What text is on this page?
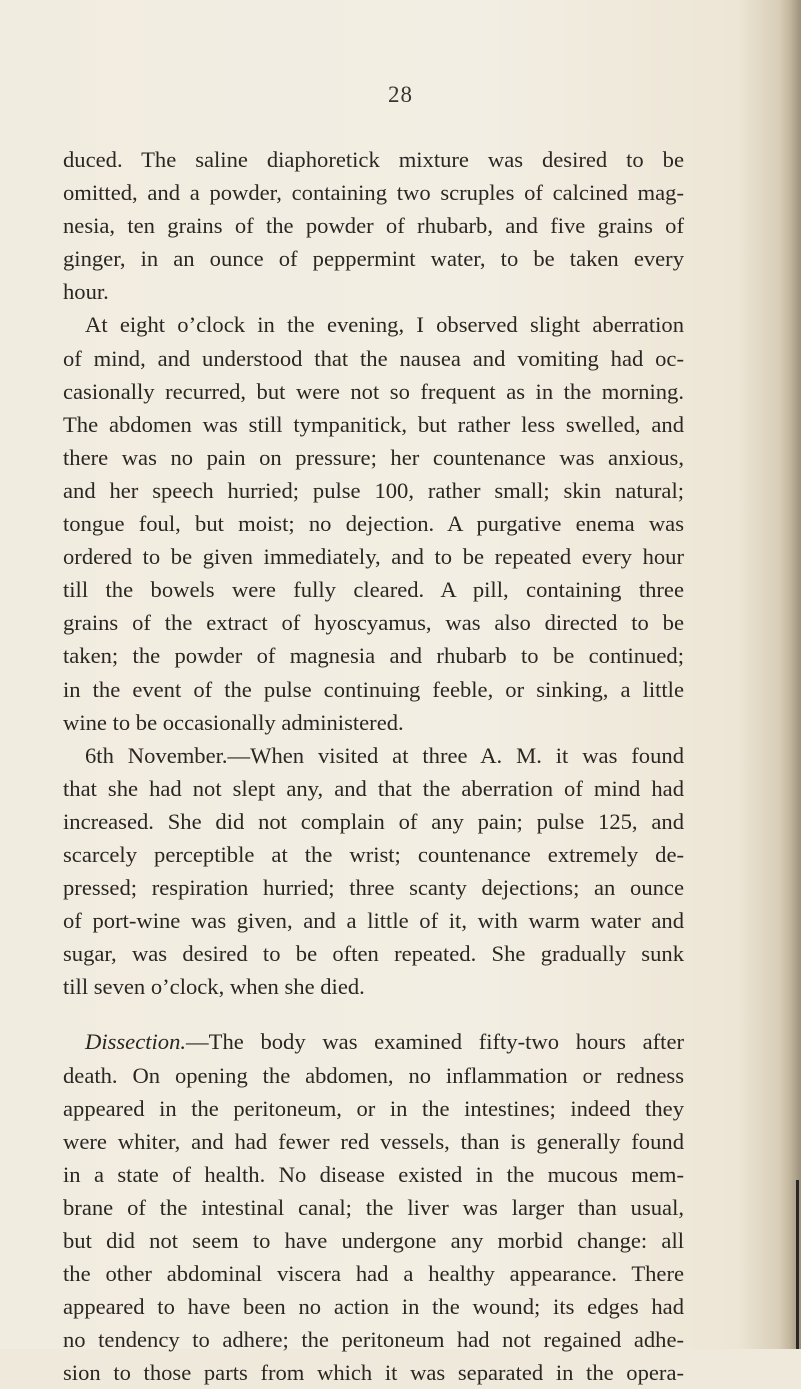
28
duced. The saline diaphoretick mixture was desired to be
omitted, and a powder, containing two scruples of calcined mag-
nesia, ten grains of the powder of rhubarb, and five grains of
ginger, in an ounce of peppermint water, to be taken every
hour.
At eight o’clock in the evening, I observed slight aberration
of mind, and understood that the nausea and vomiting had oc-
casionally recurred, but were not so frequent as in the morning.
The abdomen was still tympanitick, but rather less swelled, and
there was no pain on pressure; her countenance was anxious,
and her speech hurried; pulse 100, rather small; skin natural;
tongue foul, but moist; no dejection. A purgative enema was
ordered to be given immediately, and to be repeated every hour
till the bowels were fully cleared. A pill, containing three
grains of the extract of hyoscyamus, was also directed to be
taken; the powder of magnesia and rhubarb to be continued;
in the event of the pulse continuing feeble, or sinking, a little
wine to be occasionally administered.
6th November.—When visited at three A. M. it was found
that she had not slept any, and that the aberration of mind had
increased. She did not complain of any pain; pulse 125, and
scarcely perceptible at the wrist; countenance extremely de-
pressed; respiration hurried; three scanty dejections; an ounce
of port-wine was given, and a little of it, with warm water and
sugar, was desired to be often repeated. She gradually sunk
till seven o’clock, when she died.
Dissection.—The body was examined fifty-two hours after
death. On opening the abdomen, no inflammation or redness
appeared in the peritoneum, or in the intestines; indeed they
were whiter, and had fewer red vessels, than is generally found
in a state of health. No disease existed in the mucous mem-
brane of the intestinal canal; the liver was larger than usual,
but did not seem to have undergone any morbid change: all
the other abdominal viscera had a healthy appearance. There
appeared to have been no action in the wound; its edges had
no tendency to adhere; the peritoneum had not regained adhe-
sion to those parts from which it was separated in the opera-
